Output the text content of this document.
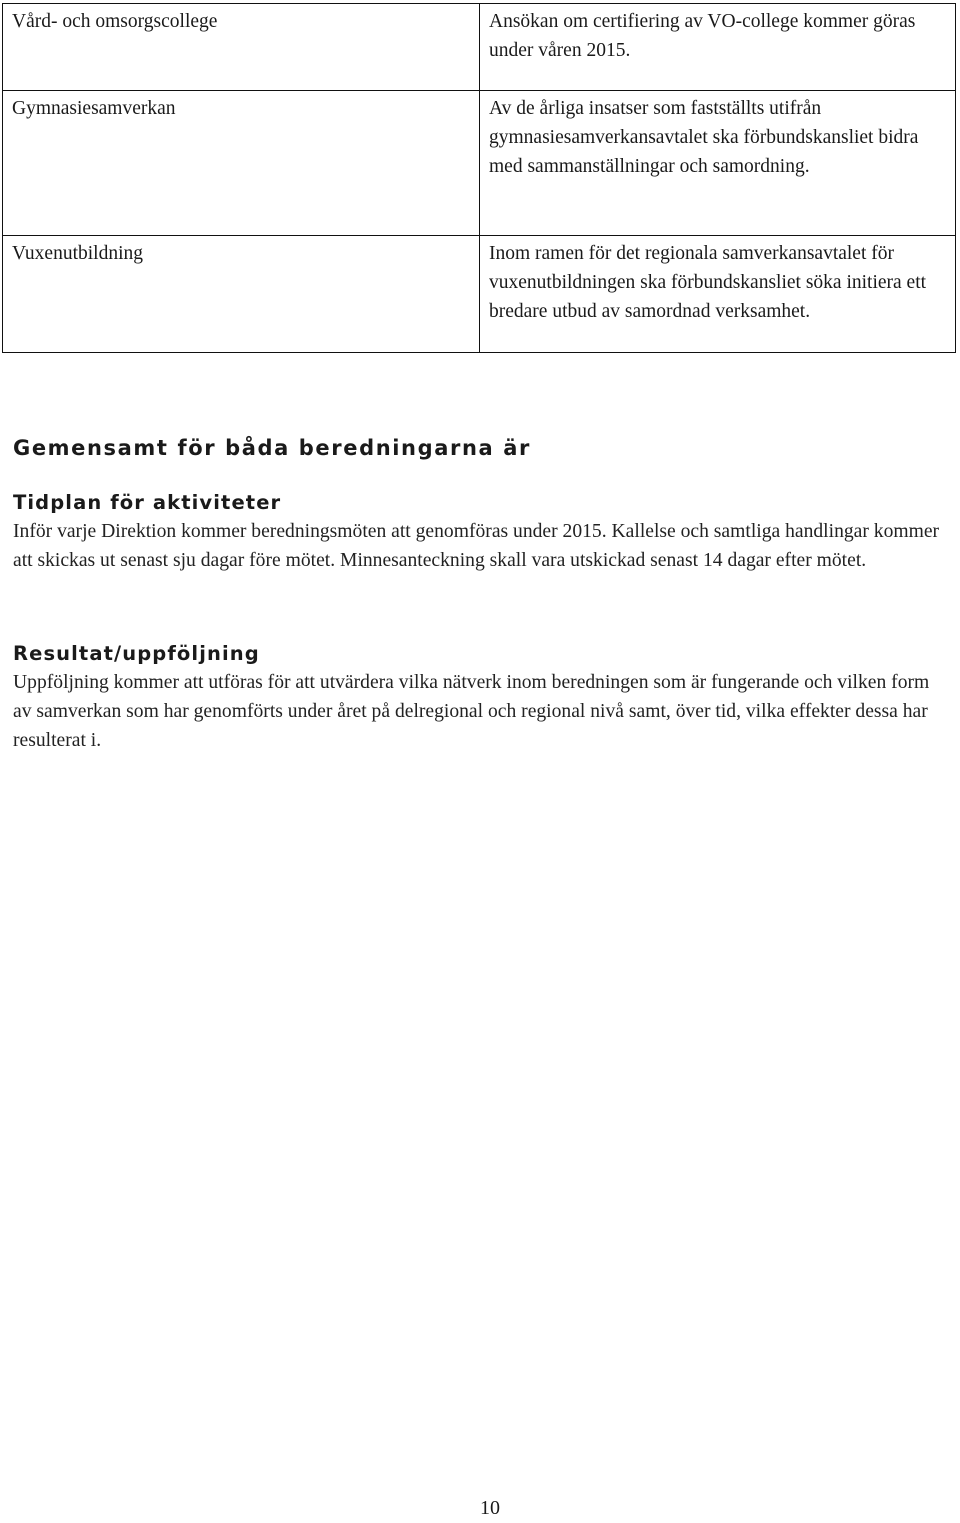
Vård- och omsorgscollege	Ansökan om certifiering av VO-college kommer göras under våren 2015.
Gymnasiesamverkan	Av de årliga insatser som fastställts utifrån gymnasiesamverkansavtalet ska förbundskansliet bidra med sammanställningar och samordning.
Vuxenutbildning	Inom ramen för det regionala samverkansavtalet för vuxenutbildningen ska förbundskansliet söka initiera ett bredare utbud av samordnad verksamhet.
Gemensamt för båda beredningarna är
Tidplan för aktiviteter

Inför varje Direktion kommer beredningsmöten att genomföras under 2015. Kallelse och samtliga handlingar kommer att skickas ut senast sju dagar före mötet. Minnesanteckning skall vara utskickad senast 14 dagar efter mötet.

Resultat/uppföljning

Uppföljning kommer att utföras för att utvärdera vilka nätverk inom beredningen som är fungerande och vilken form av samverkan som har genomförts under året på delregional och regional nivå samt, över tid, vilka effekter dessa har resulterat i.

10
